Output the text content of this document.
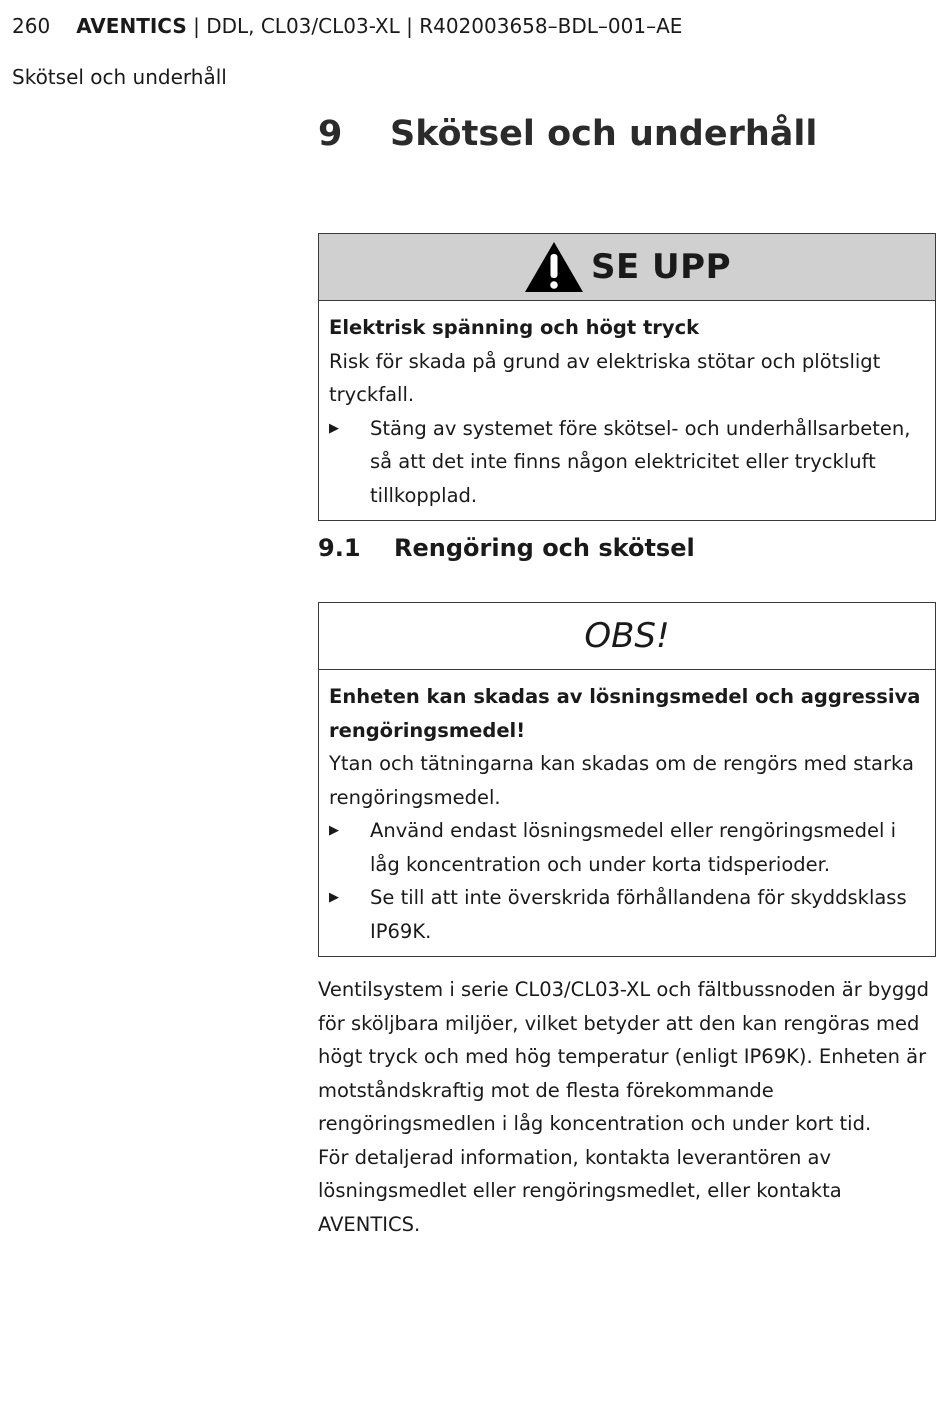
260 AVENTICS | DDL, CL03/CL03-XL | R402003658–BDL–001–AE
Skötsel och underhåll
9 Skötsel och underhåll
SE UPP

Elektrisk spänning och högt tryck

Risk för skada på grund av elektriska stötar och plötsligt tryckfall.

▶ Stäng av systemet före skötsel- och underhållsarbeten, så att det inte finns någon elektricitet eller tryckluft tillkopplad.

9.1 Rengöring och skötsel
OBS!

Enheten kan skadas av lösningsmedel och aggressiva rengöringsmedel!

Ytan och tätningarna kan skadas om de rengörs med starka rengöringsmedel.

▶ Använd endast lösningsmedel eller rengöringsmedel i låg koncentration och under korta tidsperioder.

▶ Se till att inte överskrida förhållandena för skyddsklass IP69K.

Ventilsystem i serie CL03/CL03-XL och fältbussnoden är byggd för sköljbara miljöer, vilket betyder att den kan rengöras med högt tryck och med hög temperatur (enligt IP69K). Enheten är motståndskraftig mot de flesta förekommande rengöringsmedlen i låg koncentration och under kort tid.

För detaljerad information, kontakta leverantören av lösningsmedlet eller rengöringsmedlet, eller kontakta AVENTICS.
